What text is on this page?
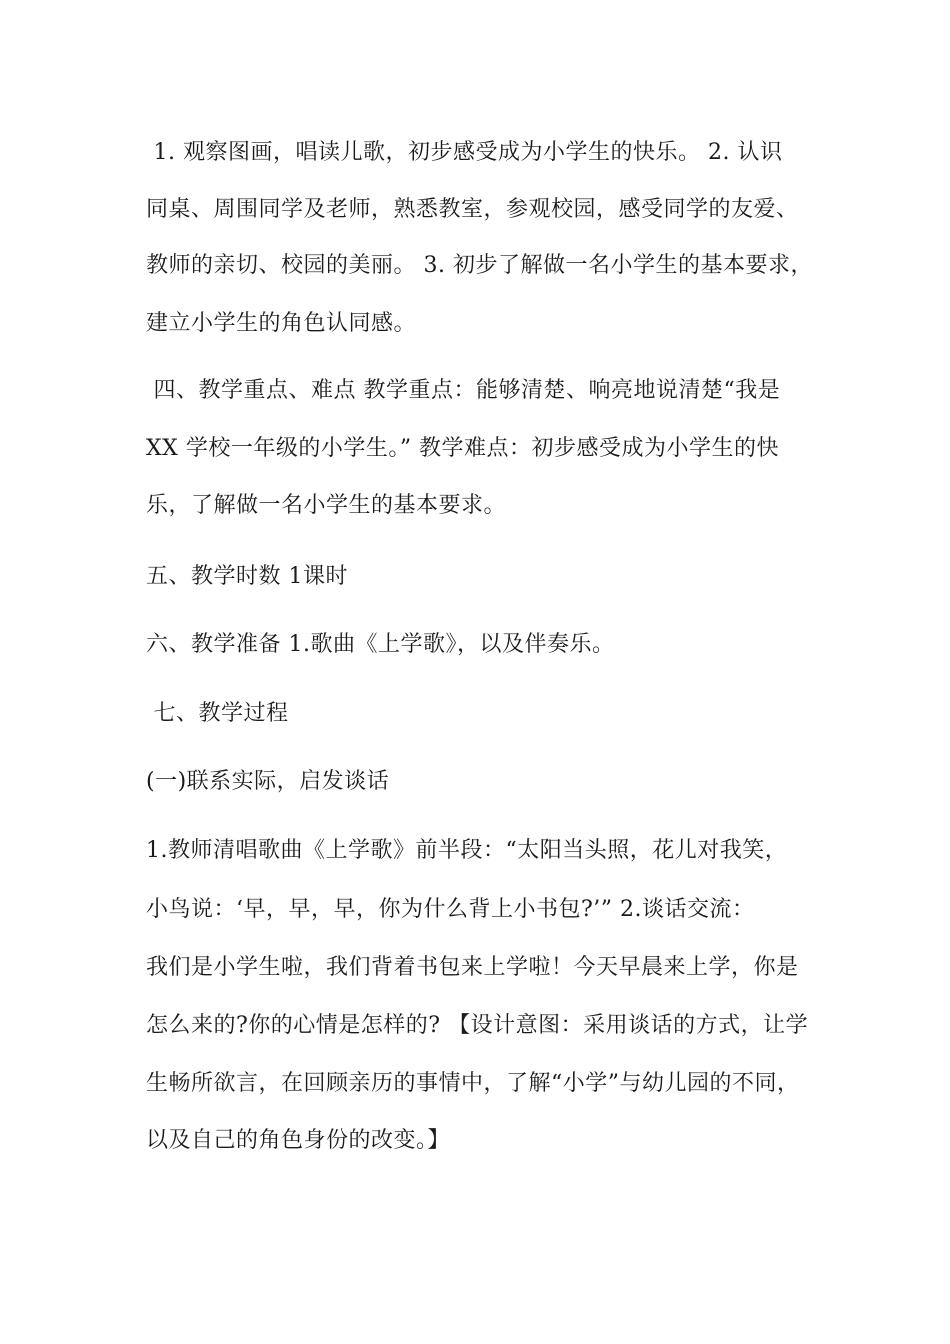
1. 观察图画，唱读儿歌，初步感受成为小学生的快乐。 2. 认识
同桌、周围同学及老师，熟悉教室，参观校园，感受同学的友爱、
教师的亲切、校园的美丽。 3. 初步了解做一名小学生的基本要求，
建立小学生的角色认同感。
四、教学重点、难点 教学重点：能够清楚、响亮地说清楚“我是
XX 学校一年级的小学生。” 教学难点：初步感受成为小学生的快
乐，了解做一名小学生的基本要求。
五、教学时数 1课时
六、教学准备 1.歌曲《上学歌》，以及伴奏乐。
七、教学过程
(一)联系实际，启发谈话
1.教师清唱歌曲《上学歌》前半段：“太阳当头照，花儿对我笑，
小鸟说：‘早，早，早，你为什么背上小书包?’” 2.谈话交流：
我们是小学生啦，我们背着书包来上学啦！今天早晨来上学，你是
怎么来的?你的心情是怎样的? 【设计意图：采用谈话的方式，让学
生畅所欲言，在回顾亲历的事情中，了解“小学”与幼儿园的不同，
以及自己的角色身份的改变。】
